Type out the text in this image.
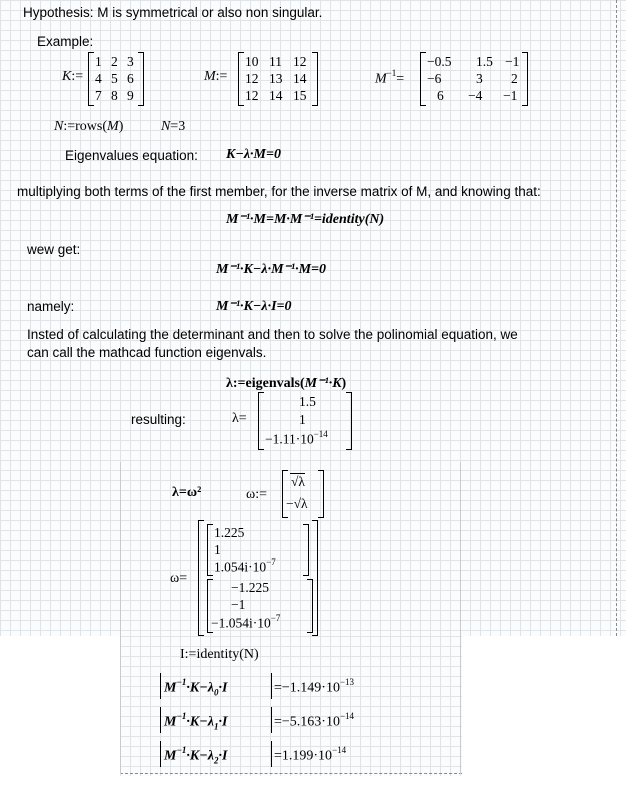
Hypothesis: M is symmetrical or also non singular.
Example:
K:=
1 2 3
4 5 6
7 8 9
M:=
10 11 12
12 13 14
12 14 15
$M^{-1}=$
−0.5 1.5 −1
−6	3 2
6 −4 −1
N:=rows(M)	N=3
Eigenvalues equation: K−λ·M=0
multiplying both terms of the first member, for the inverse matrix of M, and knowing that:
M⁻¹·M=M·M⁻¹=identity(N)
wew get:
M⁻¹·K−λ·M⁻¹·M=0
namely:	M⁻¹·K−λ·I=0
Insted of calculating the determinant and then to solve the polinomial equation, we
can call the mathcad function eigenvals.
λ:=eigenvals(M⁻¹·K)
resulting:	λ=
1.5
1
$-1.11\cdot 10^{-14}$
λ=ω²	ω:=
√λ
−√λ
ω=
1.225
1
$1.054i\cdot 10^{-7}$
−1.225
−1
$-1.054i\cdot 10^{-7}$
I:=identity(N)
$M^{-1}\cdot K-\lambda_0\cdot I$	$=-1.149\cdot 10^{-13}$
$M^{-1}\cdot K-\lambda_1\cdot I$	$=-5.163\cdot 10^{-14}$
$M^{-1}\cdot K-\lambda_2\cdot I$	$=1.199\cdot 10^{-14}$
